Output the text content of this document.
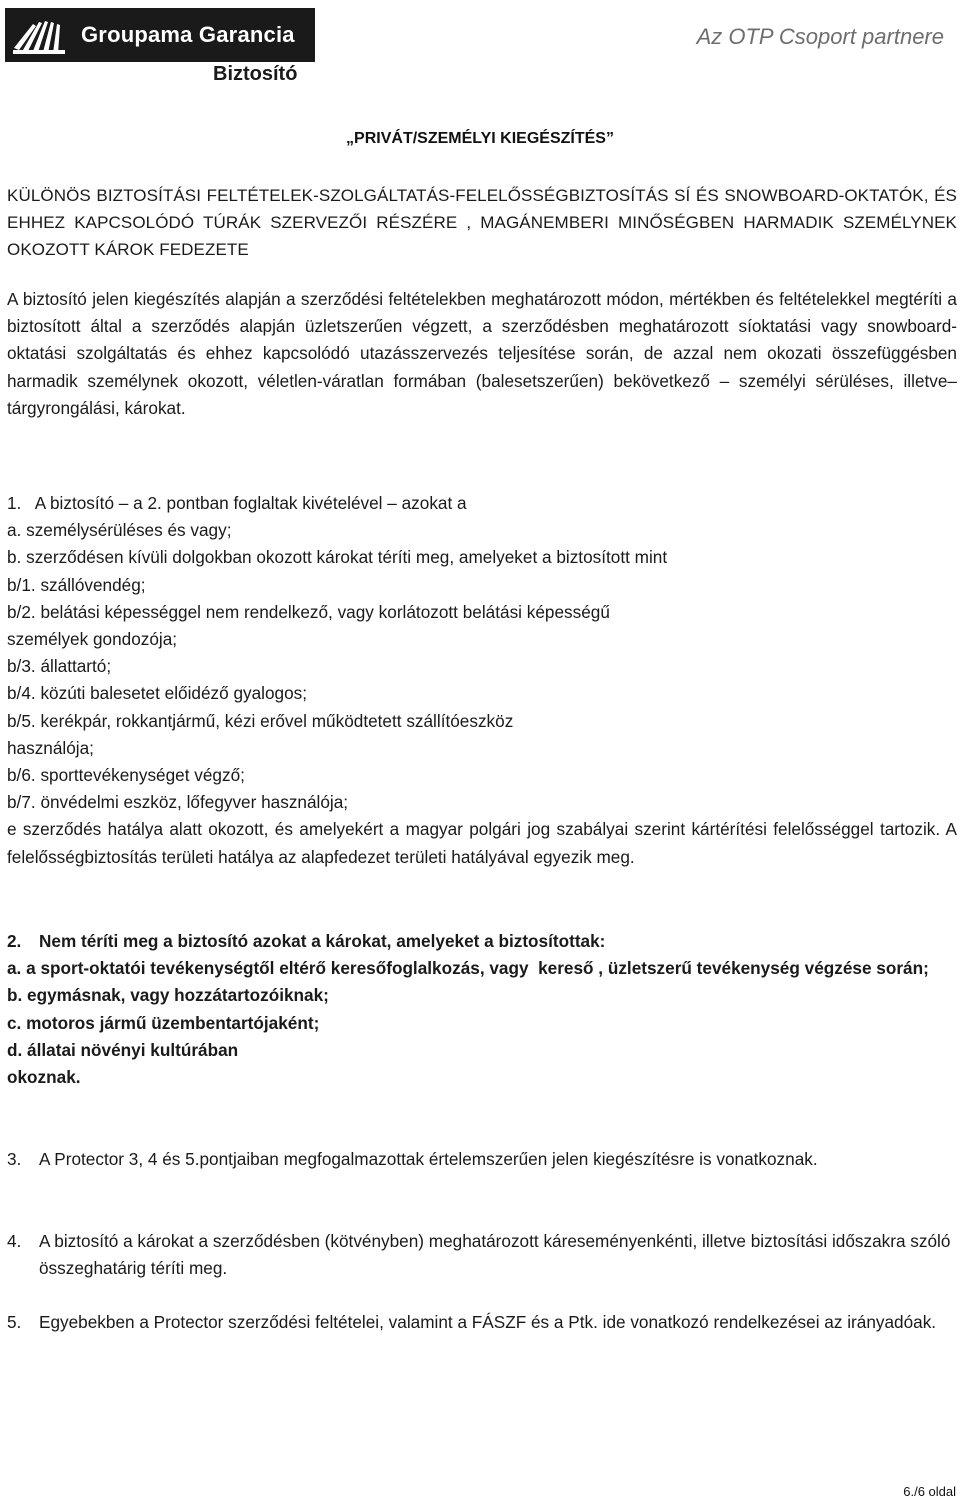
Groupama Garancia
Biztosító
Az OTP Csoport partnere
„PRIVÁT/SZEMÉLYI KIEGÉSZÍTÉS”
KÜLÖNÖS BIZTOSÍTÁSI FELTÉTELEK-SZOLGÁLTATÁS-FELELŐSSÉGBIZTOSÍTÁS SÍ ÉS SNOWBOARD-OKTATÓK, ÉS EHHEZ KAPCSOLÓDÓ TÚRÁK SZERVEZŐI RÉSZÉRE , MAGÁNEMBERI MINŐSÉGBEN HARMADIK SZEMÉLYNEK OKOZOTT KÁROK FEDEZETE
A biztosító jelen kiegészítés alapján a szerződési feltételekben meghatározott módon, mértékben és feltételekkel megtéríti a biztosított által a szerződés alapján üzletszerűen végzett, a szerződésben meghatározott síoktatási vagy snowboard- oktatási szolgáltatás és ehhez kapcsolódó utazásszervezés teljesítése során, de azzal nem okozati összefüggésben harmadik személynek okozott, véletlen-váratlan formában (balesetszerűen) bekövetkező – személyi sérüléses, illetve– tárgyrongálási, károkat.
1.   A biztosító – a 2. pontban foglaltak kivételével – azokat a
a. személysérüléses és vagy;
b. szerződésen kívüli dolgokban okozott károkat téríti meg, amelyeket a biztosított mint
b/1. szállóvendég;
b/2. belátási képességgel nem rendelkező, vagy korlátozott belátási képességű
személyek gondozója;
b/3. állattartó;
b/4. közúti balesetet előidéző gyalogos;
b/5. kerékpár, rokkantjármű, kézi erővel működtetett szállítóeszköz
használója;
b/6. sporttevékenységet végző;
b/7. önvédelmi eszköz, lőfegyver használója;
e szerződés hatálya alatt okozott, és amelyekért a magyar polgári jog szabályai szerint kártérítési felelősséggel tartozik. A felelősségbiztosítás területi hatálya az alapfedezet területi hatályával egyezik meg.
2. Nem téríti meg a biztosító azokat a károkat, amelyeket a biztosítottak:
a. a sport-oktatói tevékenységtől eltérő keresőfoglalkozás, vagy  kereső , üzletszerű tevékenység végzése során;
b. egymásnak, vagy hozzátartozóiknak;
c. motoros jármű üzembentartójaként;
d. állatai növényi kultúrában
okoznak.
3. A Protector 3, 4 és 5.pontjaiban megfogalmazottak értelemszerűen jelen kiegészítésre is vonatkoznak.
4. A biztosító a károkat a szerződésben (kötvényben) meghatározott káreseményenkénti, illetve biztosítási időszakra szóló összeghatárig téríti meg.
5. Egyebekben a Protector szerződési feltételei, valamint a FÁSZF és a Ptk. ide vonatkozó rendelkezései az irányadóak.
6./6 oldal
